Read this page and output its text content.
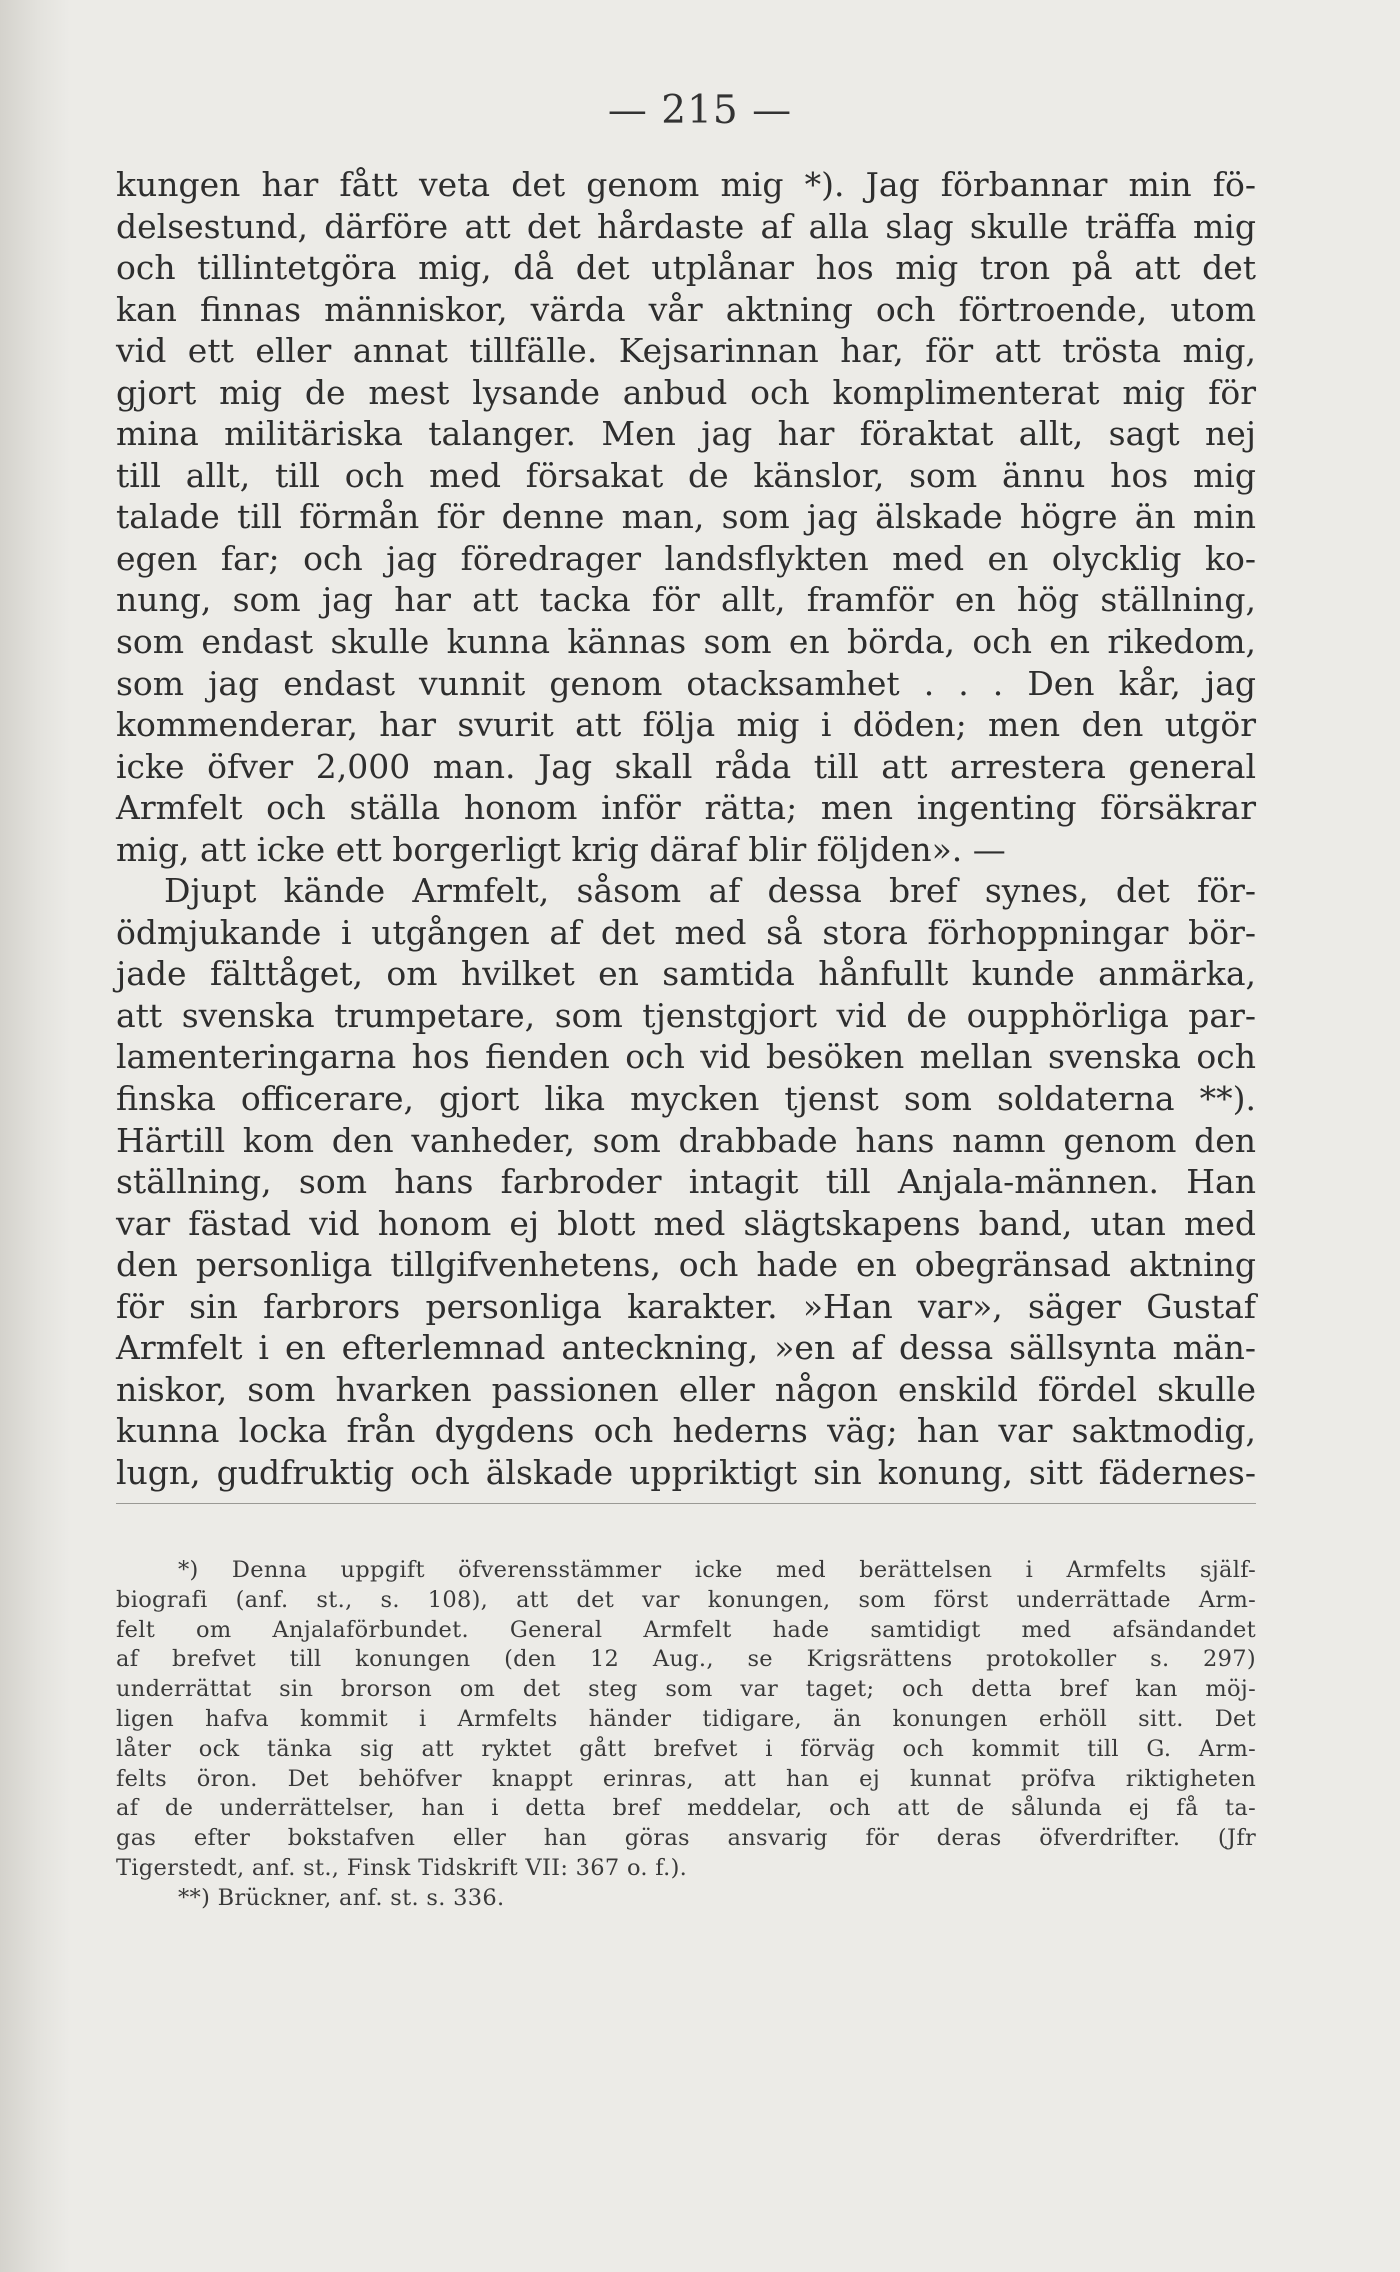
— 215 —
kungen har fått veta det genom mig *). Jag förbannar min fö-
delsestund, därföre att det hårdaste af alla slag skulle träffa mig
och tillintetgöra mig, då det utplånar hos mig tron på att det
kan finnas människor, värda vår aktning och förtroende, utom
vid ett eller annat tillfälle. Kejsarinnan har, för att trösta mig,
gjort mig de mest lysande anbud och komplimenterat mig för
mina militäriska talanger. Men jag har föraktat allt, sagt nej
till allt, till och med försakat de känslor, som ännu hos mig
talade till förmån för denne man, som jag älskade högre än min
egen far; och jag föredrager landsflykten med en olycklig ko-
nung, som jag har att tacka för allt, framför en hög ställning,
som endast skulle kunna kännas som en börda, och en rikedom,
som jag endast vunnit genom otacksamhet . . . Den kår, jag
kommenderar, har svurit att följa mig i döden; men den utgör
icke öfver 2,000 man. Jag skall råda till att arrestera general
Armfelt och ställa honom inför rätta; men ingenting försäkrar
mig, att icke ett borgerligt krig däraf blir följden». —
Djupt kände Armfelt, såsom af dessa bref synes, det för-
ödmjukande i utgången af det med så stora förhoppningar bör-
jade fälttåget, om hvilket en samtida hånfullt kunde anmärka,
att svenska trumpetare, som tjenstgjort vid de oupphörliga par-
lamenteringarna hos fienden och vid besöken mellan svenska och
finska officerare, gjort lika mycken tjenst som soldaterna **).
Härtill kom den vanheder, som drabbade hans namn genom den
ställning, som hans farbroder intagit till Anjala-männen. Han
var fästad vid honom ej blott med slägtskapens band, utan med
den personliga tillgifvenhetens, och hade en obegränsad aktning
för sin farbrors personliga karakter. »Han var», säger Gustaf
Armfelt i en efterlemnad anteckning, »en af dessa sällsynta män-
niskor, som hvarken passionen eller någon enskild fördel skulle
kunna locka från dygdens och hederns väg; han var saktmodig,
lugn, gudfruktig och älskade uppriktigt sin konung, sitt fädernes-
*) Denna uppgift öfverensstämmer icke med berättelsen i Armfelts själf-
biografi (anf. st., s. 108), att det var konungen, som först underrättade Arm-
felt om Anjalaförbundet. General Armfelt hade samtidigt med afsändandet
af brefvet till konungen (den 12 Aug., se Krigsrättens protokoller s. 297)
underrättat sin brorson om det steg som var taget; och detta bref kan möj-
ligen hafva kommit i Armfelts händer tidigare, än konungen erhöll sitt. Det
låter ock tänka sig att ryktet gått brefvet i förväg och kommit till G. Arm-
felts öron. Det behöfver knappt erinras, att han ej kunnat pröfva riktigheten
af de underrättelser, han i detta bref meddelar, och att de sålunda ej få ta-
gas efter bokstafven eller han göras ansvarig för deras öfverdrifter. (Jfr
Tigerstedt, anf. st., Finsk Tidskrift VII: 367 o. f.).
**) Brückner, anf. st. s. 336.
